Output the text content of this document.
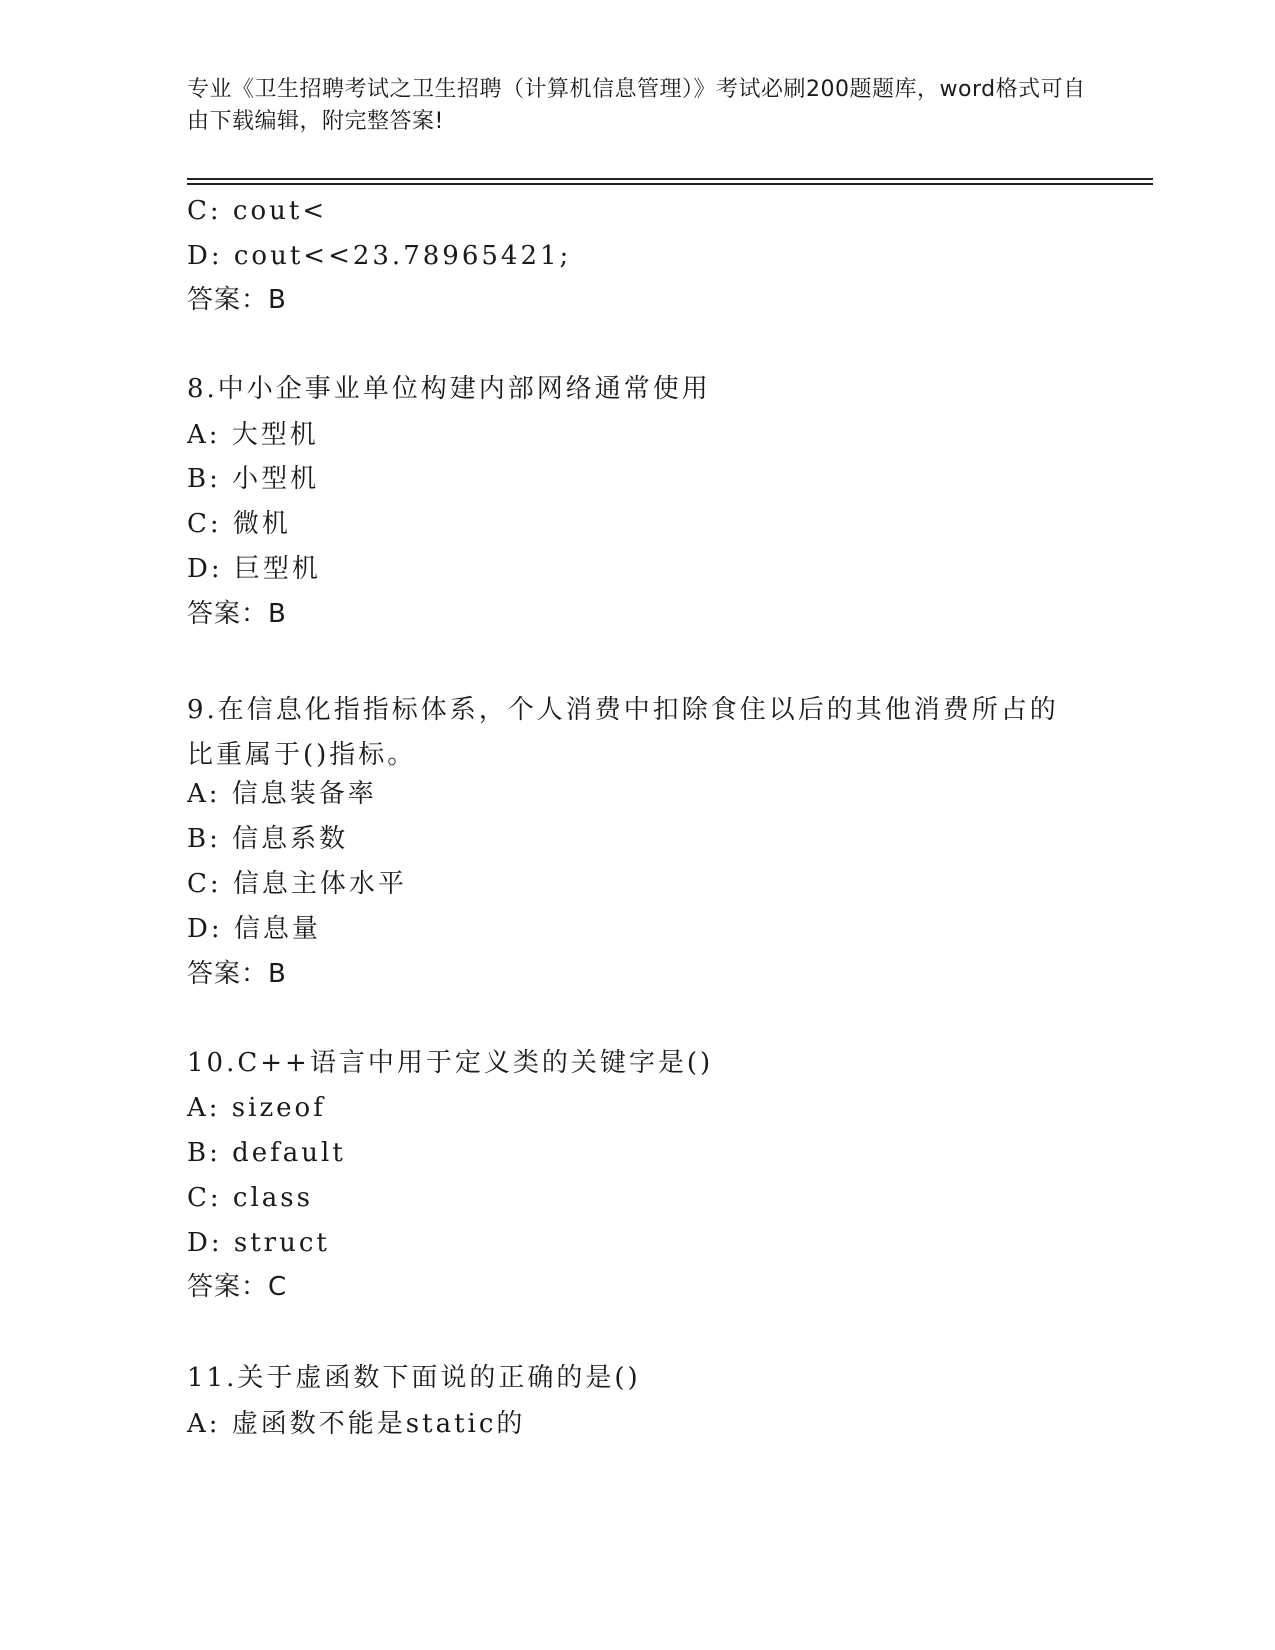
专业《卫生招聘考试之卫生招聘（计算机信息管理）》考试必刷200题题库，word格式可自由下载编辑，附完整答案!
C: cout<
D: cout<<23.78965421;
答案：B
8.中小企事业单位构建内部网络通常使用
A: 大型机
B: 小型机
C: 微机
D: 巨型机
答案：B
9.在信息化指指标体系，个人消费中扣除食住以后的其他消费所占的比重属于()指标。
A: 信息装备率
B: 信息系数
C: 信息主体水平
D: 信息量
答案：B
10.C++语言中用于定义类的关键字是()
A: sizeof
B: default
C: class
D: struct
答案：C
11.关于虚函数下面说的正确的是()
A: 虚函数不能是static的
